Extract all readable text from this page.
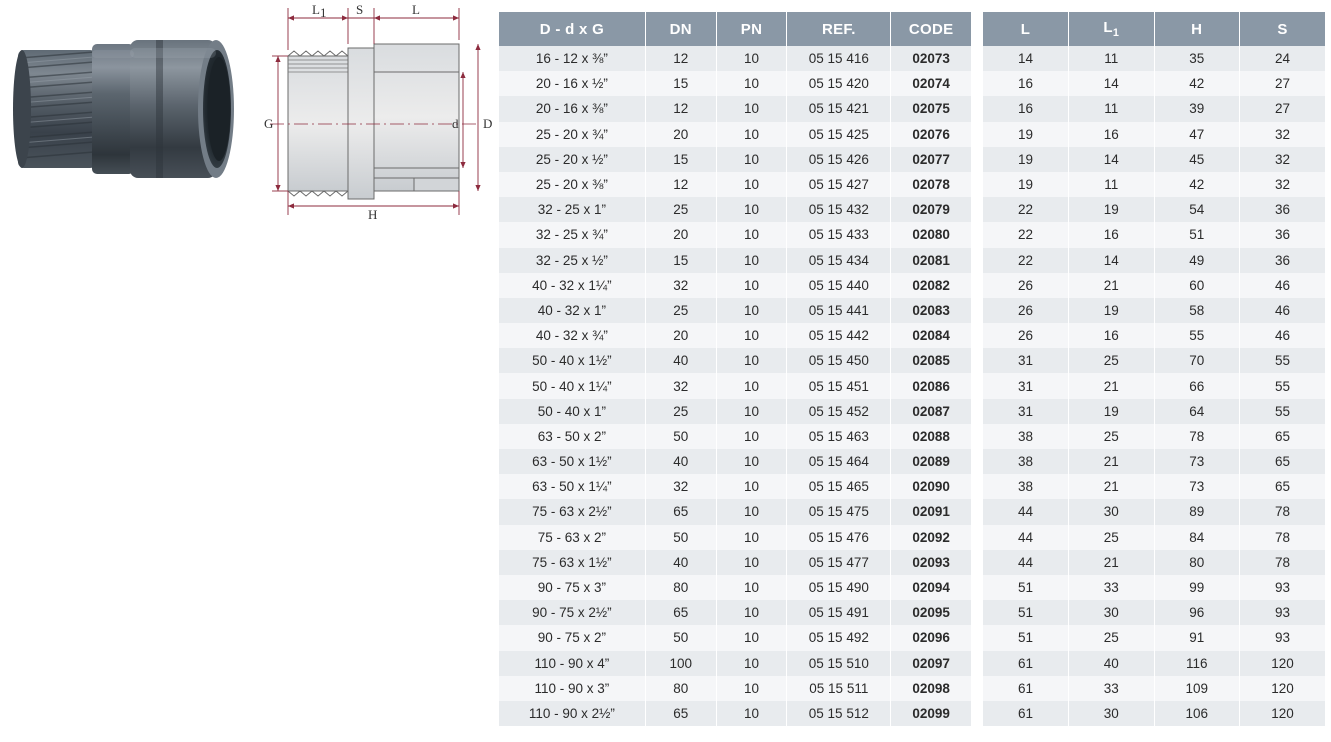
L 1 S	L
G	d D
H
D - d x G	DN	PN	REF.	CODE
16 - 12 x ⅜”	12	10	05 15 416	02073
20 - 16 x ½”	15	10	05 15 420	02074
20 - 16 x ⅜”	12	10	05 15 421	02075
25 - 20 x ¾”	20	10	05 15 425	02076
25 - 20 x ½”	15	10	05 15 426	02077
25 - 20 x ⅜”	12	10	05 15 427	02078
32 - 25 x 1”	25	10	05 15 432	02079
32 - 25 x ¾”	20	10	05 15 433	02080
32 - 25 x ½”	15	10	05 15 434	02081
40 - 32 x 1¼”	32	10	05 15 440	02082
40 - 32 x 1”	25	10	05 15 441	02083
40 - 32 x ¾”	20	10	05 15 442	02084
50 - 40 x 1½”	40	10	05 15 450	02085
50 - 40 x 1¼”	32	10	05 15 451	02086
50 - 40 x 1”	25	10	05 15 452	02087
63 - 50 x 2”	50	10	05 15 463	02088
63 - 50 x 1½”	40	10	05 15 464	02089
63 - 50 x 1¼”	32	10	05 15 465	02090
75 - 63 x 2½”	65	10	05 15 475	02091
75 - 63 x 2”	50	10	05 15 476	02092
75 - 63 x 1½”	40	10	05 15 477	02093
90 - 75 x 3”	80	10	05 15 490	02094
90 - 75 x 2½”	65	10	05 15 491	02095
90 - 75 x 2”	50	10	05 15 492	02096
110 - 90 x 4”	100	10	05 15 510	02097
110 - 90 x 3”	80	10	05 15 511	02098
110 - 90 x 2½”	65	10	05 15 512	02099
L	$L_1$	H	S
14	11	35	24
16	14	42	27
16	11	39	27
19	16	47	32
19	14	45	32
19	11	42	32
22	19	54	36
22	16	51	36
22	14	49	36
26	21	60	46
26	19	58	46
26	16	55	46
31	25	70	55
31	21	66	55
31	19	64	55
38	25	78	65
38	21	73	65
38	21	73	65
44	30	89	78
44	25	84	78
44	21	80	78
51	33	99	93
51	30	96	93
51	25	91	93
61	40	116	120
61	33	109	120
61	30	106	120
